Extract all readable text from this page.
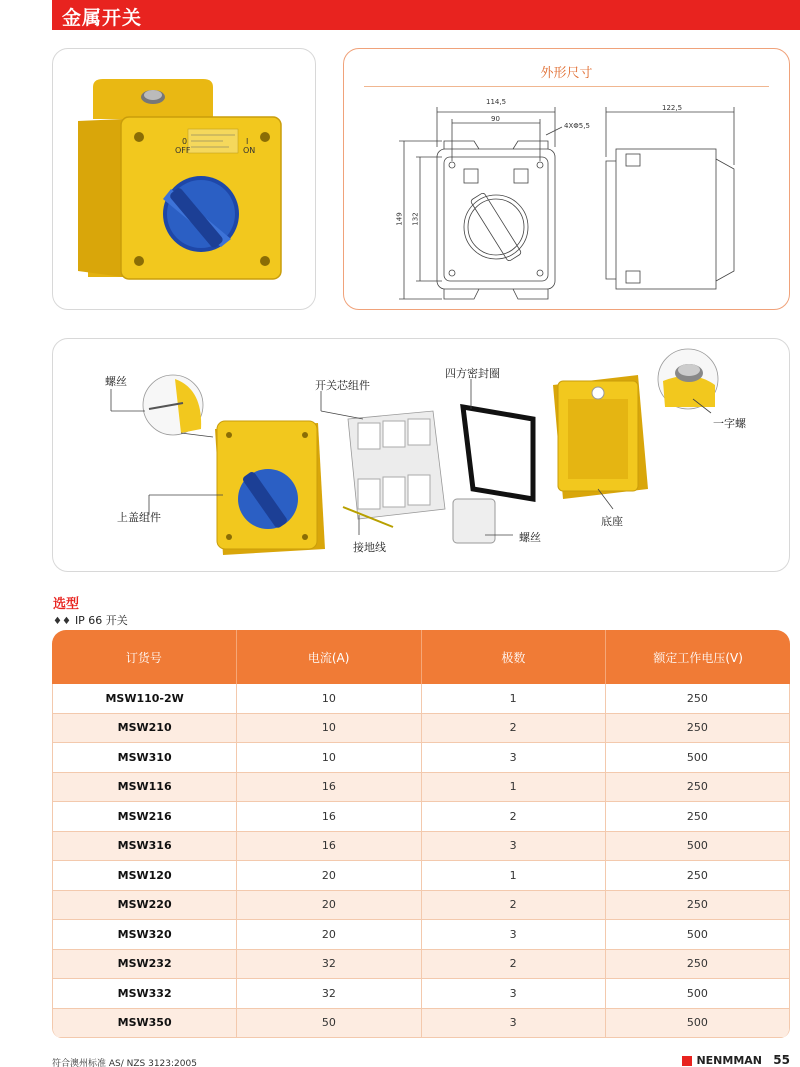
金属开关
0
OFF
I
ON
外形尺寸
114,5
90
4XΦ5,5
122,5
149 132
螺丝	开关芯组件
四方密封圈
一字螺
上盖组件
接地线
螺丝
底座
选型
♦♦ IP 66 开关
订货号	电流(A)	极数	额定工作电压(V)
MSW110-2W	10	1	250
MSW210	10	2	250
MSW310	10	3	500
MSW116	16	1	250
MSW216	16	2	250
MSW316	16	3	500
MSW120	20	1	250
MSW220	20	2	250
MSW320	20	3	500
MSW232	32	2	250
MSW332	32	3	500
MSW350	50	3	500
符合澳州标准 AS/ NZS 3123:2005	NENMMAN 55
